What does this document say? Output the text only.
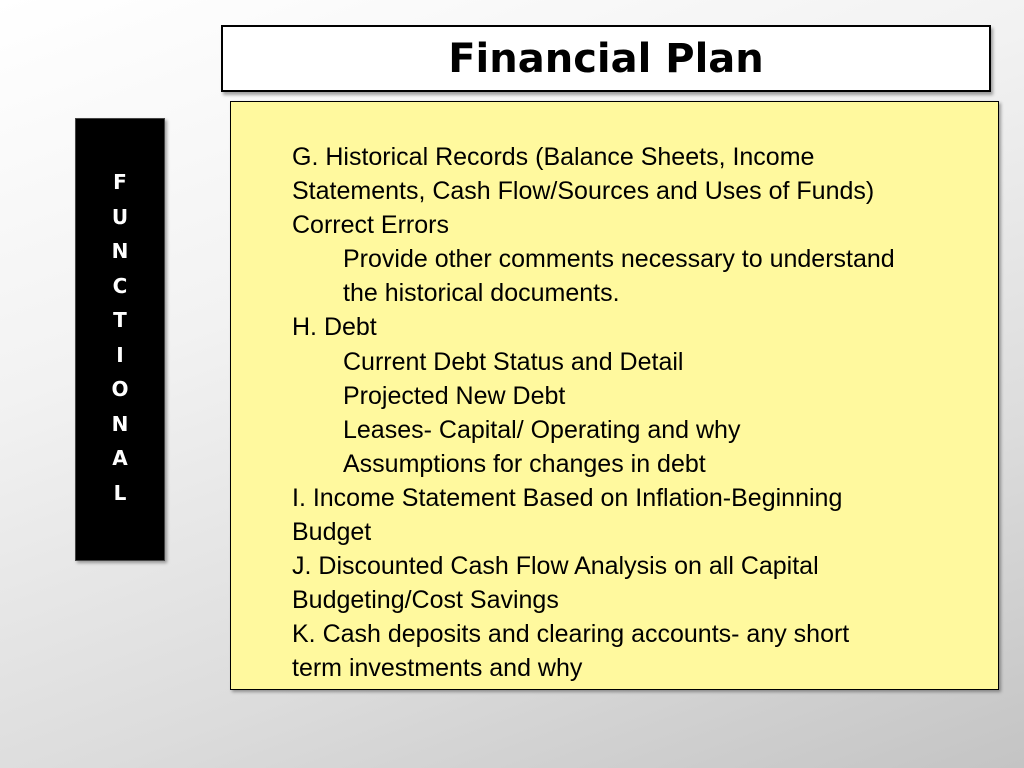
Financial Plan
F
U
N
C
T
I
O
N
A
L
G. Historical Records (Balance Sheets, Income
Statements, Cash Flow/Sources and Uses of Funds)
Correct Errors
Provide other comments necessary to understand
the historical documents.
H. Debt
Current Debt Status and Detail
Projected New Debt
Leases- Capital/ Operating and why
Assumptions for changes in debt
I. Income Statement Based on Inflation-Beginning
Budget
J. Discounted Cash Flow Analysis on all Capital
Budgeting/Cost Savings
K. Cash deposits and clearing accounts- any short
term investments and why
